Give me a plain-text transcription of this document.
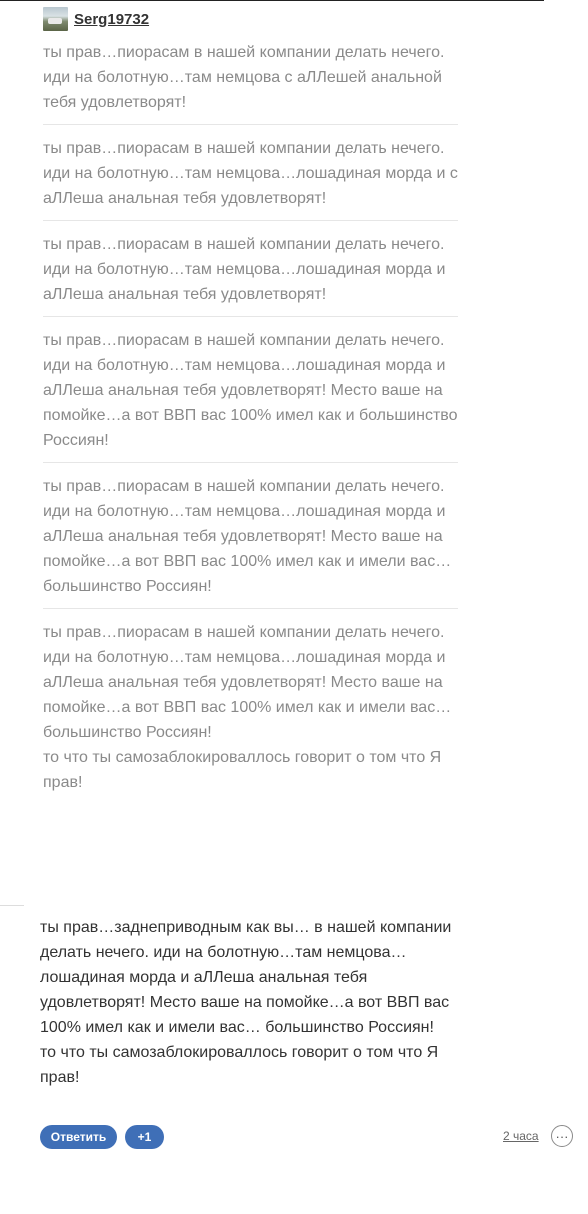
Serg19732
ты прав…пиорасам в нашей компании делать нечего. иди на болотную…там немцова с аЛЛешей анальной тебя удовлетворят!
ты прав…пиорасам в нашей компании делать нечего. иди на болотную…там немцова…лошадиная морда и с аЛЛеша анальная тебя удовлетворят!
ты прав…пиорасам в нашей компании делать нечего. иди на болотную…там немцова…лошадиная морда и аЛЛеша анальная тебя удовлетворят!
ты прав…пиорасам в нашей компании делать нечего. иди на болотную…там немцова…лошадиная морда и аЛЛеша анальная тебя удовлетворят! Место ваше на помойке…а вот ВВП вас 100% имел как и большинство Россиян!
ты прав…пиорасам в нашей компании делать нечего. иди на болотную…там немцова…лошадиная морда и аЛЛеша анальная тебя удовлетворят! Место ваше на помойке…а вот ВВП вас 100% имел как и имели вас… большинство Россиян!
ты прав…пиорасам в нашей компании делать нечего. иди на болотную…там немцова…лошадиная морда и аЛЛеша анальная тебя удовлетворят! Место ваше на помойке…а вот ВВП вас 100% имел как и имели вас… большинство Россиян!
то что ты самозаблокироваллось говорит о том что Я прав!
ты прав…заднеприводным как вы… в нашей компании делать нечего. иди на болотную…там немцова…лошадиная морда и аЛЛеша анальная тебя удовлетворят! Место ваше на помойке…а вот ВВП вас 100% имел как и имели вас… большинство Россиян!
то что ты самозаблокироваллось говорит о том что Я прав!
Ответить	+1	2 часа	···
